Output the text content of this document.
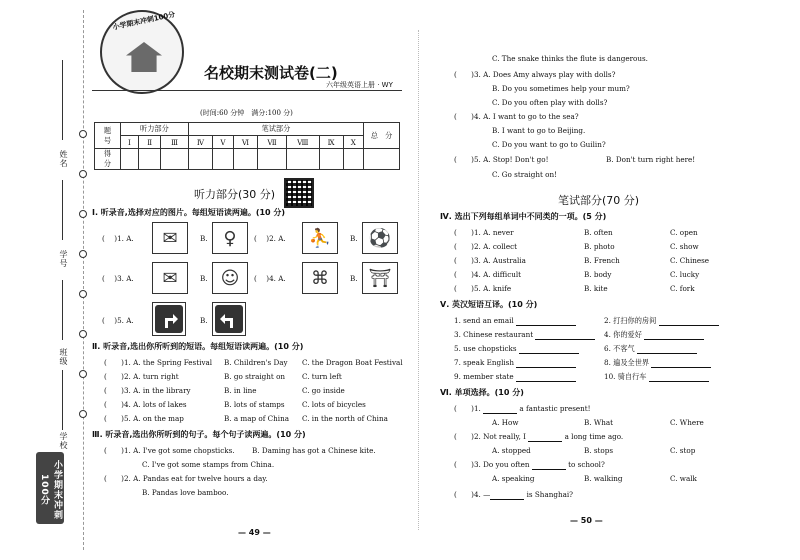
姓名
学号
班级
学校
小学期末冲刺100分
小学期末冲刺100分
名校期末测试卷(二)
六年级英语上册 · WY
(时间:60 分钟　满分:100 分)
题　号	听力部分			笔试部分							总　分
	Ⅰ	Ⅱ	Ⅲ	Ⅳ	Ⅴ	Ⅵ	Ⅶ	Ⅷ	Ⅸ	Ⅹ	
得　分											
听力部分(30 分)
Ⅰ. 听录音,选择对应的图片。每组短语读两遍。(10 分)
( 　)1. A.	✉	B. ♀	( 　)2. A.	⛹	B. ⚽
( 　)3. A.	✉	B. ☺	( 　)4. A.	⌘	B. ⛩
( 　)5. A.	B.
Ⅱ. 听录音,选出你所听到的短语。每组短语读两遍。(10 分)
(　　)1. A. the Spring Festival B. Children's Day C. the Dragon Boat Festival
(　　)2. A. turn right	B. go straight on C. turn left
(　　)3. A. in the library	B. in line	C. go inside
(　　)4. A. lots of lakes	B. lots of stamps C. lots of bicycles
(　　)5. A. on the map	B. a map of China C. in the north of China
Ⅲ. 听录音,选出你所听到的句子。每个句子读两遍。(10 分)
(　　)1. A. I've got some chopsticks. B. Daming has got a Chinese kite.
C. I've got some stamps from China.
(　　)2. A. Pandas eat for twelve hours a day.
B. Pandas love bamboo.
— 49 —
C. The snake thinks the flute is dangerous.
(　　)3. A. Does Amy always play with dolls?
B. Do you sometimes help your mum?
C. Do you often play with dolls?
(　　)4. A. I want to go to the sea?
B. I want to go to Beijing.
C. Do you want to go to Guilin?
(　　)5. A. Stop! Don't go!	B. Don't turn right here!
C. Go straight on!
笔试部分(70 分)
Ⅳ. 选出下列每组单词中不同类的一项。(5 分)
(　　)1. A. never	B. often	C. open
(　　)2. A. collect	B. photo	C. show
(　　)3. A. Australia	B. French	C. Chinese
(　　)4. A. difficult	B. body	C. lucky
(　　)5. A. knife	B. kite	C. fork
Ⅴ. 英汉短语互译。(10 分)
1. send an email	2. 打扫你的房间
3. Chinese restaurant	4. 你的爱好
5. use chopsticks	6. 不客气
7. speak English	8. 遍及全世界
9. member state	10. 骑自行车
Ⅵ. 单项选择。(10 分)
(　　)1.	a fantastic present!
A. How	B. What	C. Where
(　　)2. Not really, I	a long time ago.
A. stopped	B. stops	C. stop
(　　)3. Do you often	to school?
A. speaking	B. walking	C. walk
(　　)4. —	is Shanghai?
— 50 —
